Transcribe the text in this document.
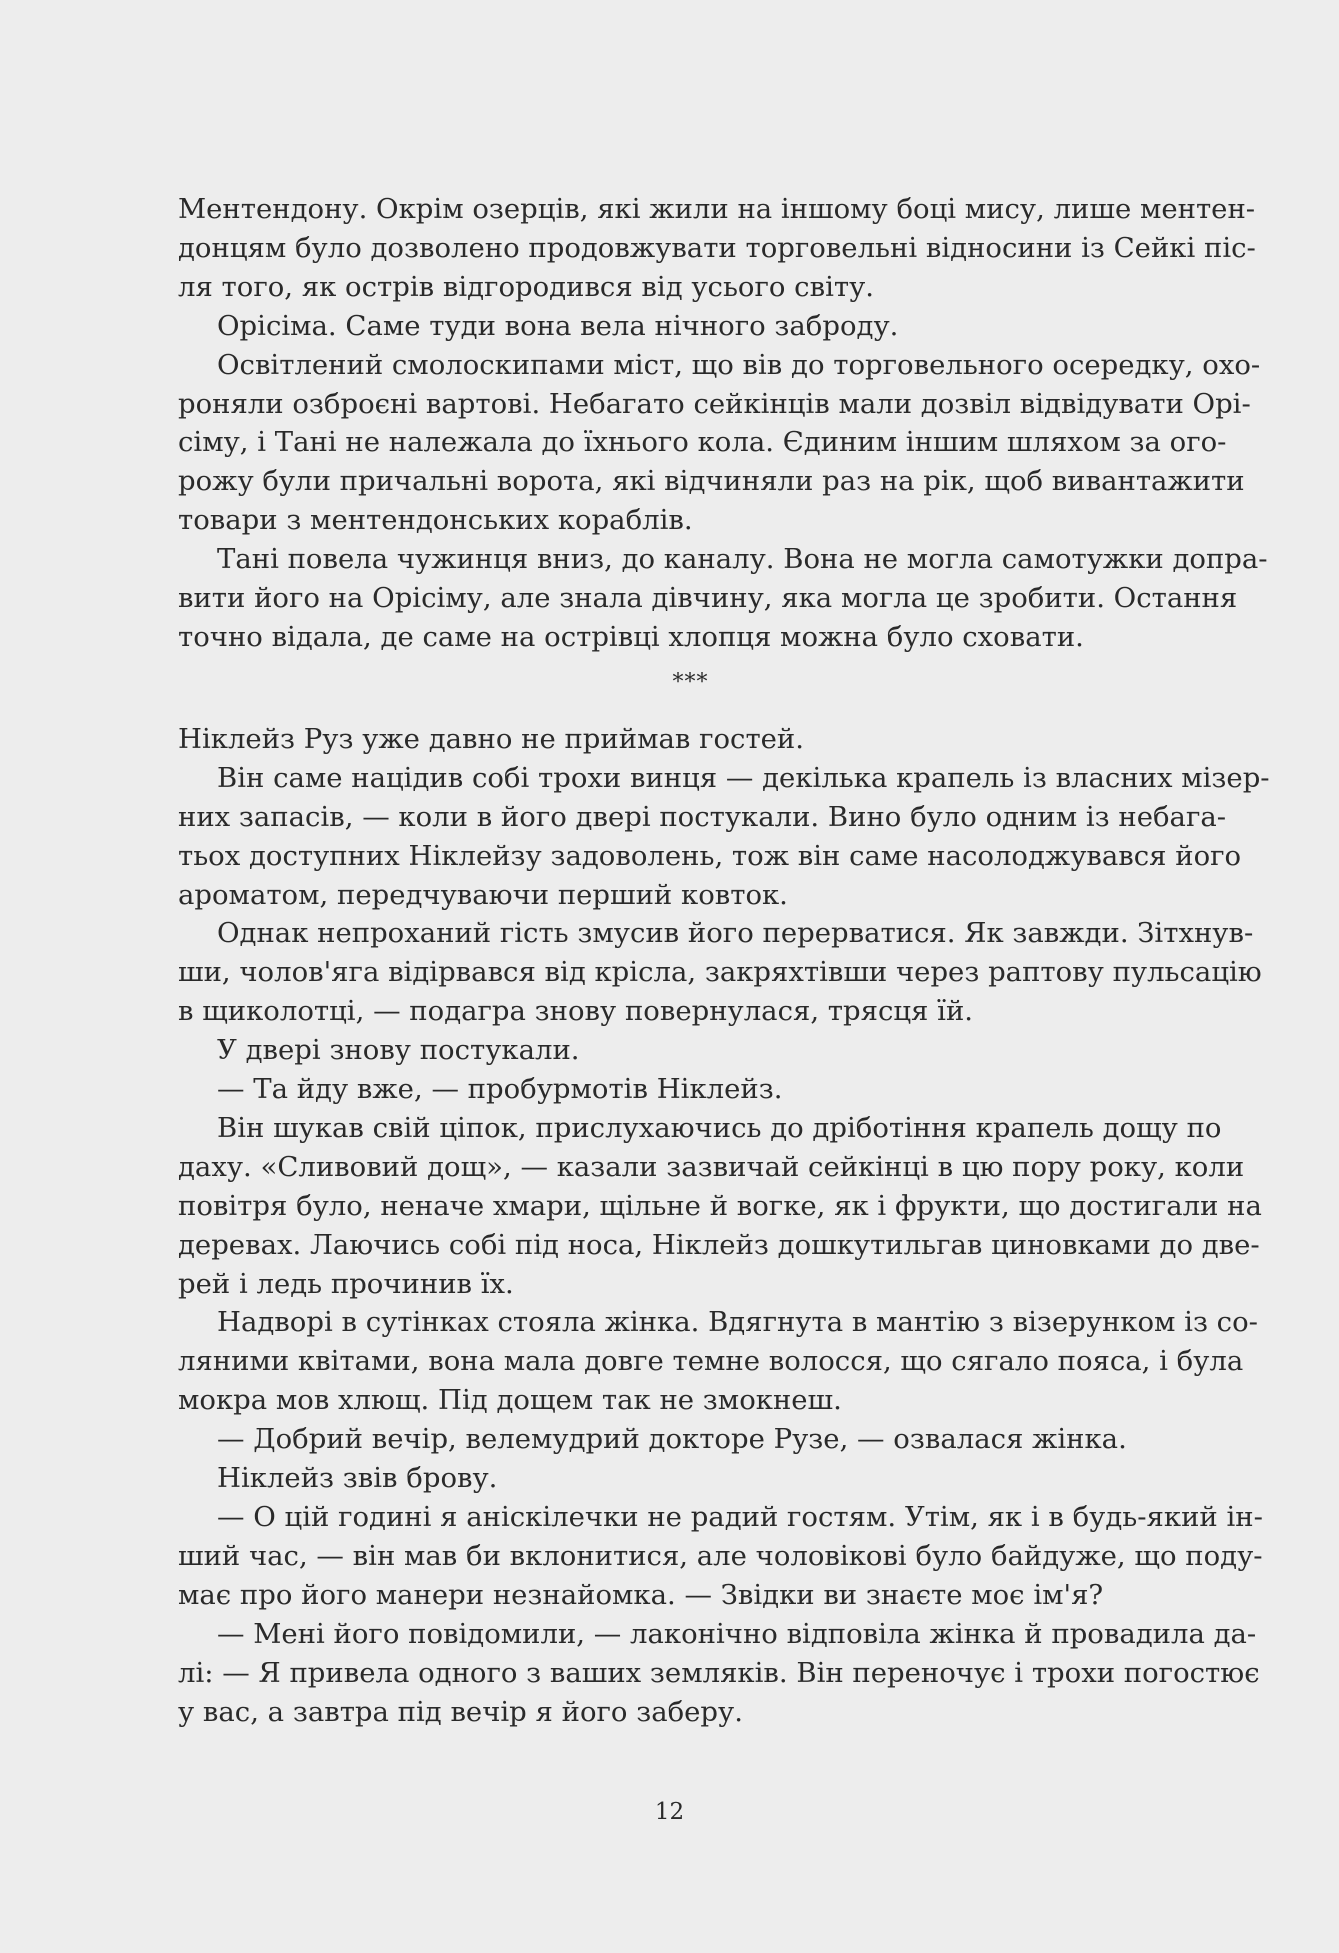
Ментендону. Окрім озерців, які жили на іншому боці мису, лише ментен-
донцям було дозволено продовжувати торговельні відносини із Сейкі піс-
ля того, як острів відгородився від усього світу.

Орісіма. Саме туди вона вела нічного заброду.

Освітлений смолоскипами міст, що вів до торговельного осередку, охо-
роняли озброєні вартові. Небагато сейкінців мали дозвіл відвідувати Орі-
сіму, і Тані не належала до їхнього кола. Єдиним іншим шляхом за ого-
рожу були причальні ворота, які відчиняли раз на рік, щоб вивантажити
товари з ментендонських кораблів.

Тані повела чужинця вниз, до каналу. Вона не могла самотужки допра-
вити його на Орісіму, але знала дівчину, яка могла це зробити. Остання
точно відала, де саме на острівці хлопця можна було сховати.

***

Ніклейз Руз уже давно не приймав гостей.

Він саме націдив собі трохи винця — декілька крапель із власних мізер-
них запасів, — коли в його двері постукали. Вино було одним із небага-
тьох доступних Ніклейзу задоволень, тож він саме насолоджувався його
ароматом, передчуваючи перший ковток.

Однак непроханий гість змусив його перерватися. Як завжди. Зітхнув-
ши, чолов'яга відірвався від крісла, закряхтівши через раптову пульсацію
в щиколотці, — подагра знову повернулася, трясця їй.

У двері знову постукали.

— Та йду вже, — пробурмотів Ніклейз.

Він шукав свій ціпок, прислухаючись до дріботіння крапель дощу по
даху. «Сливовий дощ», — казали зазвичай сейкінці в цю пору року, коли
повітря було, неначе хмари, щільне й вогке, як і фрукти, що достигали на
деревах. Лаючись собі під носа, Ніклейз дошкутильгав циновками до две-
рей і ледь прочинив їх.

Надворі в сутінках стояла жінка. Вдягнута в мантію з візерунком із со-
ляними квітами, вона мала довге темне волосся, що сягало пояса, і була
мокра мов хлющ. Під дощем так не змокнеш.

— Добрий вечір, велемудрий докторе Рузе, — озвалася жінка.

Ніклейз звів брову.

— О цій годині я аніскілечки не радий гостям. Утім, як і в будь-який ін-
ший час, — він мав би вклонитися, але чоловікові було байдуже, що поду-
має про його манери незнайомка. — Звідки ви знаєте моє ім'я?

— Мені його повідомили, — лаконічно відповіла жінка й провадила да-
лі: — Я привела одного з ваших земляків. Він переночує і трохи погостює
у вас, а завтра під вечір я його заберу.

12
